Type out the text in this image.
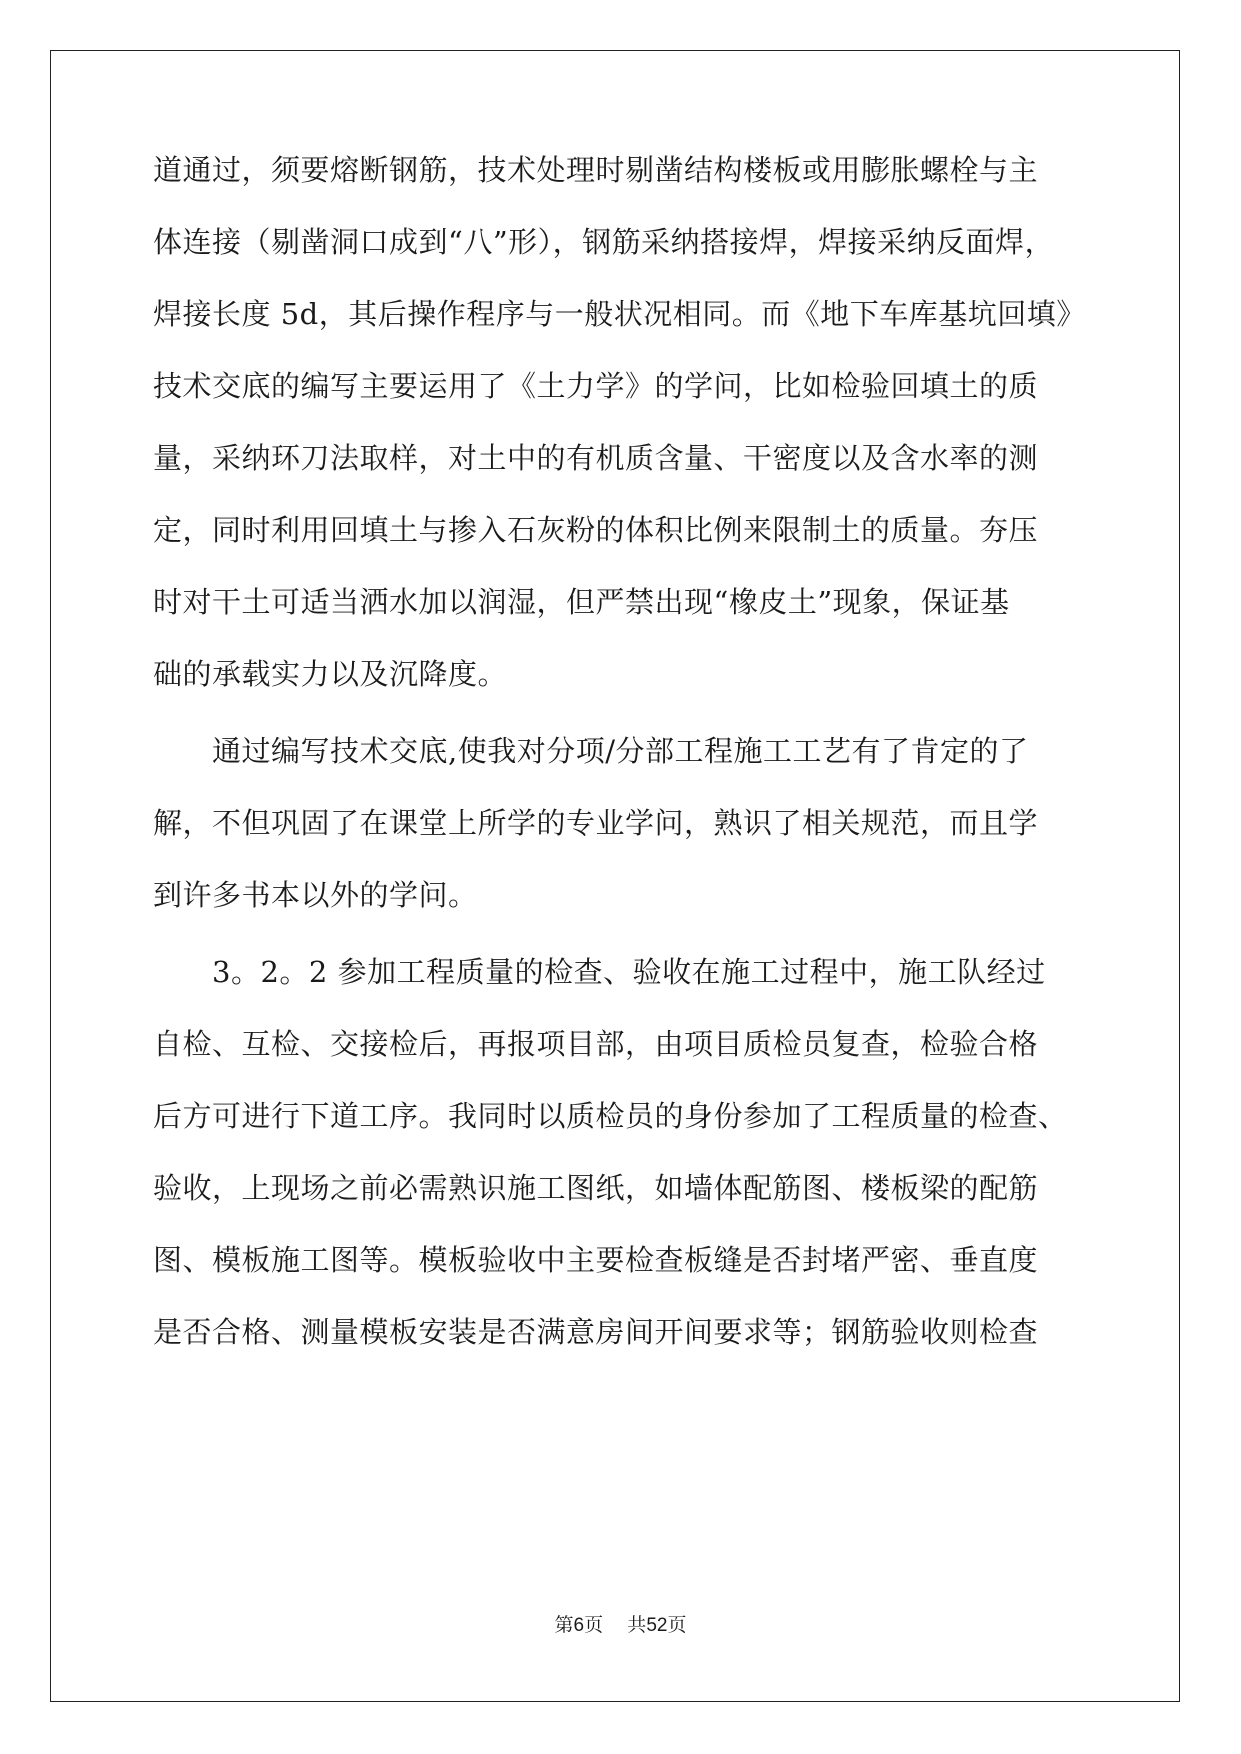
道通过，须要熔断钢筋，技术处理时剔凿结构楼板或用膨胀螺栓与主
体连接（剔凿洞口成到“八”形），钢筋采纳搭接焊，焊接采纳反面焊，
焊接长度 5d，其后操作程序与一般状况相同。而《地下车库基坑回填》
技术交底的编写主要运用了《土力学》的学问，比如检验回填土的质
量，采纳环刀法取样，对土中的有机质含量、干密度以及含水率的测
定，同时利用回填土与掺入石灰粉的体积比例来限制土的质量。夯压
时对干土可适当洒水加以润湿，但严禁出现“橡皮土”现象，保证基
础的承载实力以及沉降度。
　　通过编写技术交底,使我对分项/分部工程施工工艺有了肯定的了
解，不但巩固了在课堂上所学的专业学问，熟识了相关规范，而且学
到许多书本以外的学问。
　　3。2。2 参加工程质量的检查、验收在施工过程中，施工队经过
自检、互检、交接检后，再报项目部，由项目质检员复查，检验合格
后方可进行下道工序。我同时以质检员的身份参加了工程质量的检查、
验收，上现场之前必需熟识施工图纸，如墙体配筋图、楼板梁的配筋
图、模板施工图等。模板验收中主要检查板缝是否封堵严密、垂直度
是否合格、测量模板安装是否满意房间开间要求等；钢筋验收则检查
第6页 共52页
